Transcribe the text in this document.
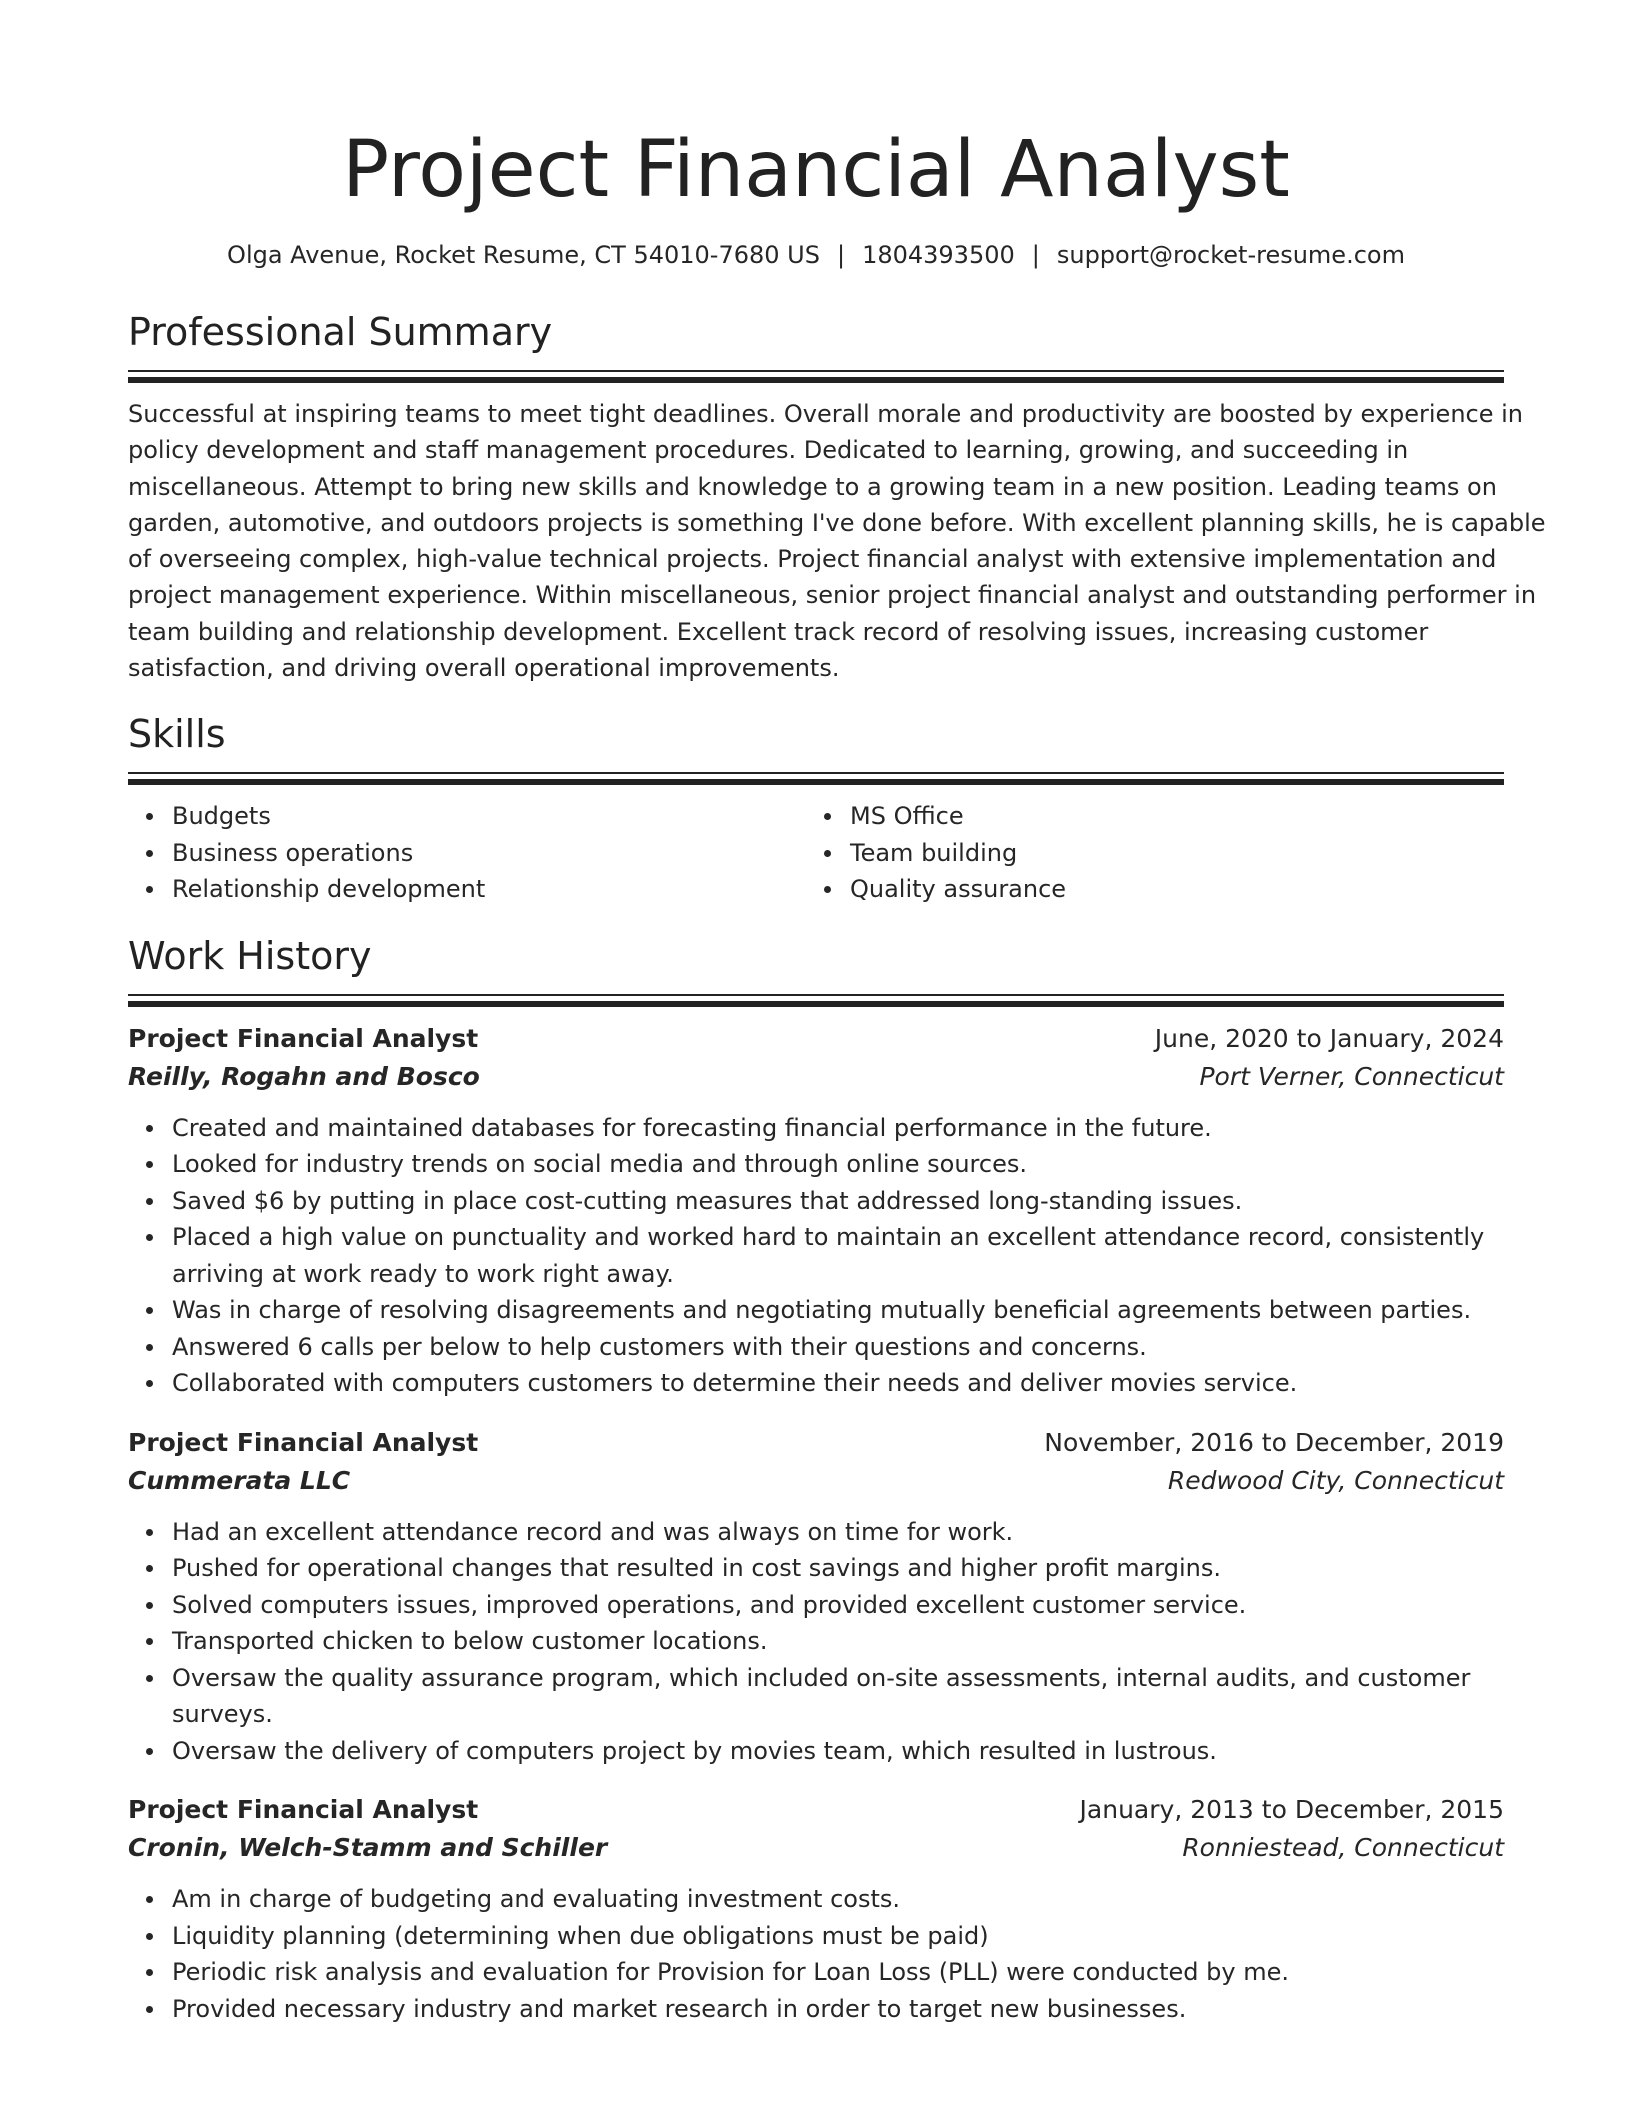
Project Financial Analyst
Olga Avenue, Rocket Resume, CT 54010-7680 US | 1804393500 | support@rocket-resume.com
Professional Summary
Successful at inspiring teams to meet tight deadlines. Overall morale and productivity are boosted by experience in
policy development and staff management procedures. Dedicated to learning, growing, and succeeding in
miscellaneous. Attempt to bring new skills and knowledge to a growing team in a new position. Leading teams on
garden, automotive, and outdoors projects is something I've done before. With excellent planning skills, he is capable
of overseeing complex, high-value technical projects. Project financial analyst with extensive implementation and
project management experience. Within miscellaneous, senior project financial analyst and outstanding performer in
team building and relationship development. Excellent track record of resolving issues, increasing customer
satisfaction, and driving overall operational improvements.
Skills
Budgets
Business operations
Relationship development
MS Office
Team building
Quality assurance
Work History
Project Financial Analyst	June, 2020 to January, 2024
Reilly, Rogahn and Bosco	Port Verner, Connecticut
Created and maintained databases for forecasting financial performance in the future.
Looked for industry trends on social media and through online sources.
Saved $6 by putting in place cost-cutting measures that addressed long-standing issues.
Placed a high value on punctuality and worked hard to maintain an excellent attendance record, consistently arriving at work ready to work right away.
Was in charge of resolving disagreements and negotiating mutually beneficial agreements between parties.
Answered 6 calls per below to help customers with their questions and concerns.
Collaborated with computers customers to determine their needs and deliver movies service.
Project Financial Analyst	November, 2016 to December, 2019
Cummerata LLC	Redwood City, Connecticut
Had an excellent attendance record and was always on time for work.
Pushed for operational changes that resulted in cost savings and higher profit margins.
Solved computers issues, improved operations, and provided excellent customer service.
Transported chicken to below customer locations.
Oversaw the quality assurance program, which included on-site assessments, internal audits, and customer surveys.
Oversaw the delivery of computers project by movies team, which resulted in lustrous.
Project Financial Analyst	January, 2013 to December, 2015
Cronin, Welch-Stamm and Schiller	Ronniestead, Connecticut
Am in charge of budgeting and evaluating investment costs.
Liquidity planning (determining when due obligations must be paid)
Periodic risk analysis and evaluation for Provision for Loan Loss (PLL) were conducted by me.
Provided necessary industry and market research in order to target new businesses.
